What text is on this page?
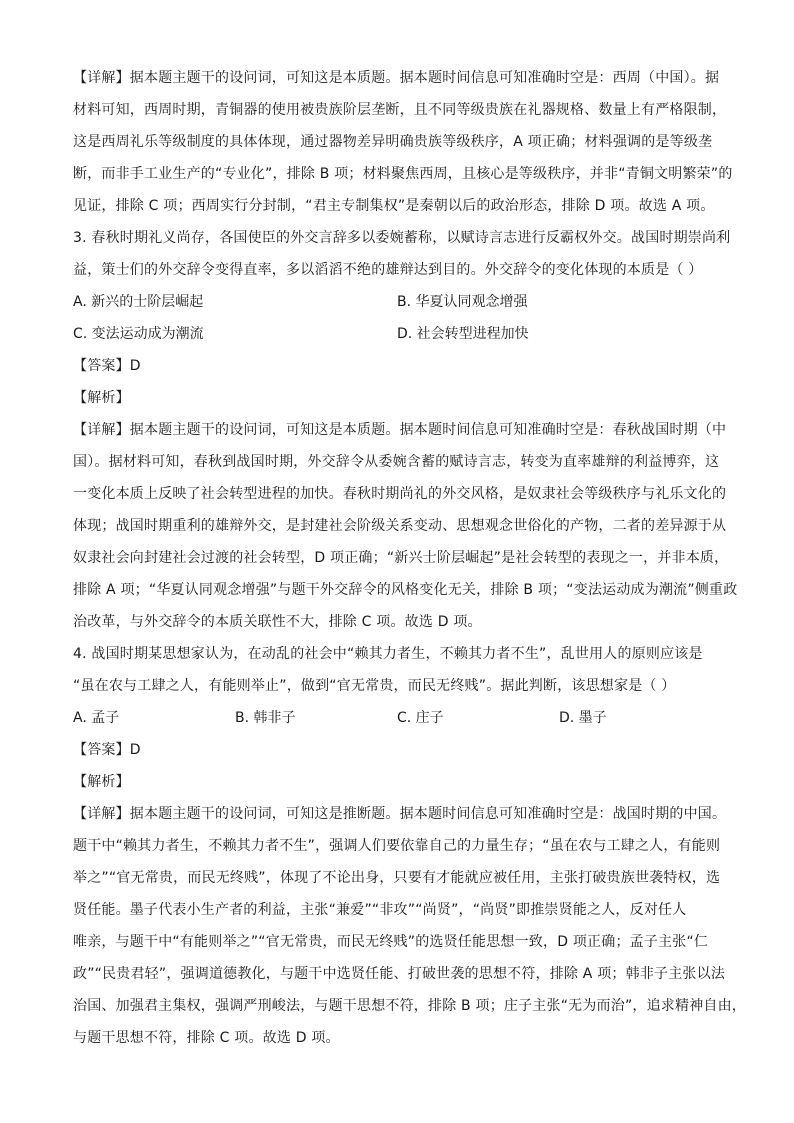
【详解】据本题主题干的设问词，可知这是本质题。据本题时间信息可知准确时空是：西周（中国）。据
材料可知，西周时期，青铜器的使用被贵族阶层垄断，且不同等级贵族在礼器规格、数量上有严格限制，
这是西周礼乐等级制度的具体体现，通过器物差异明确贵族等级秩序，A 项正确；材料强调的是等级垄
断，而非手工业生产的“专业化”，排除 B 项；材料聚焦西周，且核心是等级秩序，并非“青铜文明繁荣”的
见证，排除 C 项；西周实行分封制，“君主专制集权”是秦朝以后的政治形态，排除 D 项。故选 A 项。
3. 春秋时期礼义尚存，各国使臣的外交言辞多以委婉蓄称，以赋诗言志进行反霸权外交。战国时期崇尚利
益，策士们的外交辞令变得直率，多以滔滔不绝的雄辩达到目的。外交辞令的变化体现的本质是（ ）
A. 新兴的士阶层崛起	B. 华夏认同观念增强
C. 变法运动成为潮流	D. 社会转型进程加快
【答案】D
【解析】
【详解】据本题主题干的设问词，可知这是本质题。据本题时间信息可知准确时空是：春秋战国时期（中
国）。据材料可知，春秋到战国时期，外交辞令从委婉含蓄的赋诗言志，转变为直率雄辩的利益博弈，这
一变化本质上反映了社会转型进程的加快。春秋时期尚礼的外交风格，是奴隶社会等级秩序与礼乐文化的
体现；战国时期重利的雄辩外交，是封建社会阶级关系变动、思想观念世俗化的产物，二者的差异源于从
奴隶社会向封建社会过渡的社会转型，D 项正确；“新兴士阶层崛起”是社会转型的表现之一，并非本质，
排除 A 项；“华夏认同观念增强”与题干外交辞令的风格变化无关，排除 B 项；“变法运动成为潮流”侧重政
治改革，与外交辞令的本质关联性不大，排除 C 项。故选 D 项。
4. 战国时期某思想家认为，在动乱的社会中“赖其力者生，不赖其力者不生”，乱世用人的原则应该是
“虽在农与工肆之人，有能则举止”，做到“官无常贵，而民无终贱”。据此判断，该思想家是（ ）
A. 孟子	B. 韩非子	C. 庄子	D. 墨子
【答案】D
【解析】
【详解】据本题主题干的设问词，可知这是推断题。据本题时间信息可知准确时空是：战国时期的中国。
题干中“赖其力者生，不赖其力者不生”，强调人们要依靠自己的力量生存；“虽在农与工肆之人，有能则
举之”“官无常贵，而民无终贱”，体现了不论出身，只要有才能就应被任用，主张打破贵族世袭特权，选
贤任能。墨子代表小生产者的利益，主张“兼爱”“非攻”“尚贤”，“尚贤”即推崇贤能之人，反对任人
唯亲，与题干中“有能则举之”“官无常贵，而民无终贱”的选贤任能思想一致，D 项正确；孟子主张“仁
政”“民贵君轻”，强调道德教化，与题干中选贤任能、打破世袭的思想不符，排除 A 项；韩非子主张以法
治国、加强君主集权，强调严刑峻法，与题干思想不符，排除 B 项；庄子主张“无为而治”，追求精神自由，
与题干思想不符，排除 C 项。故选 D 项。
